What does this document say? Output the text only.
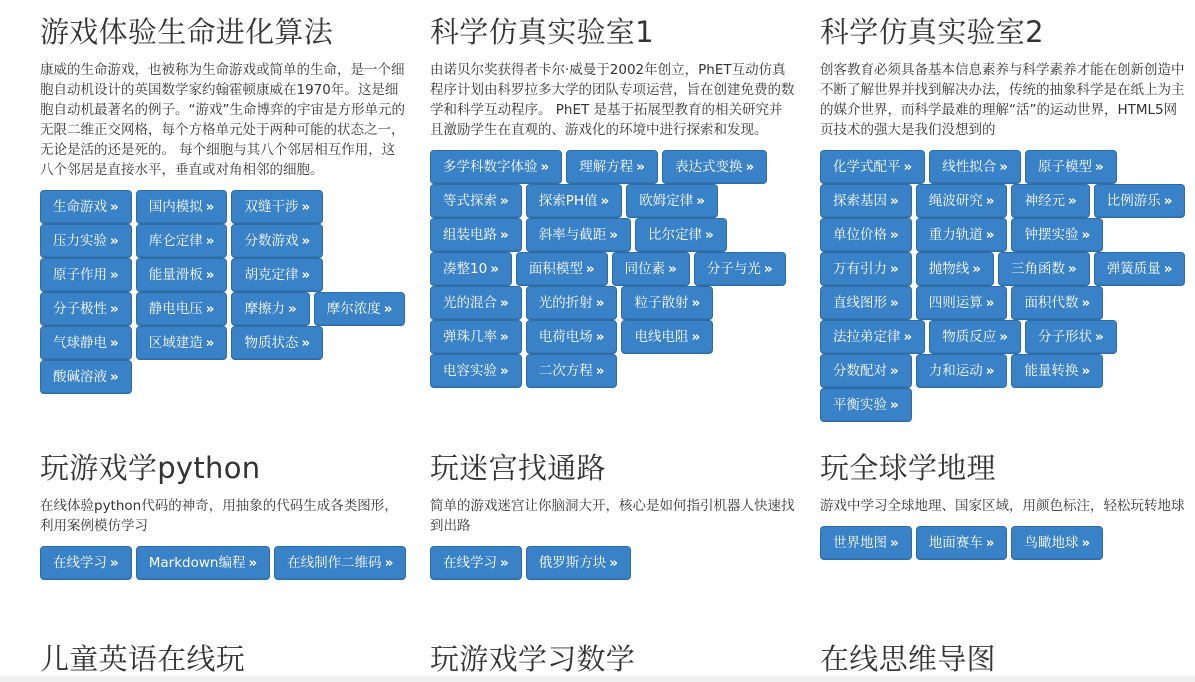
游戏体验生命进化算法

康威的生命游戏，也被称为生命游戏或简单的生命，是一个细胞自动机设计的英国数学家约翰霍顿康威在1970年。这是细胞自动机最著名的例子。“游戏”生命博弈的宇宙是方形单元的无限二维正交网格，每个方格单元处于两种可能的状态之一，无论是活的还是死的。 每个细胞与其八个邻居相互作用，这八个邻居是直接水平，垂直或对角相邻的细胞。

生命游戏 »	国内模拟 »	双缝干涉 »
压力实验 »	库仑定律 »	分数游戏 »
原子作用 »	能量滑板 »	胡克定律 »
分子极性 »	静电电压 »	摩擦力 »	摩尔浓度 »
气球静电 »	区域建造 »	物质状态 »
酸碱溶液 »
玩游戏学python

在线体验python代码的神奇，用抽象的代码生成各类图形，利用案例模仿学习

在线学习 »	Markdown编程 »	在线制作二维码 »
儿童英语在线玩
科学仿真实验室1

由诺贝尔奖获得者卡尔·威曼于2002年创立，PhET互动仿真程序计划由科罗拉多大学的团队专项运营，旨在创建免费的数学和科学互动程序。 PhET 是基于拓展型教育的相关研究并且激励学生在直观的、游戏化的环境中进行探索和发现。

多学科数字体验 »	理解方程 »	表达式变换 »
等式探索 »	探索PH值 »	欧姆定律 »
组装电路 »	斜率与截距 »	比尔定律 »
凑整10 »	面积模型 »	同位素 »	分子与光 »
光的混合 »	光的折射 »	粒子散射 »
弹珠几率 »	电荷电场 »	电线电阻 »
电容实验 »	二次方程 »
玩迷宫找通路

简单的游戏迷宫让你脑洞大开，核心是如何指引机器人快速找到出路

在线学习 »	俄罗斯方块 »
玩游戏学习数学
科学仿真实验室2

创客教育必须具备基本信息素养与科学素养才能在创新创造中不断了解世界并找到解决办法，传统的抽象科学是在纸上为主的媒介世界，而科学最难的理解“活”的运动世界，HTML5网页技术的强大是我们没想到的

化学式配平 »	线性拟合 »	原子模型 »
探索基因 »	绳波研究 »	神经元 »	比例游乐 »
单位价格 »	重力轨道 »	钟摆实验 »
万有引力 »	抛物线 »	三角函数 »	弹簧质量 »
直线图形 »	四则运算 »	面积代数 »
法拉弟定律 »	物质反应 »	分子形状 »
分数配对 »	力和运动 »	能量转换 »
平衡实验 »
玩全球学地理

游戏中学习全球地理、国家区域，用颜色标注，轻松玩转地球

世界地图 »	地面赛车 »	鸟瞰地球 »
在线思维导图
